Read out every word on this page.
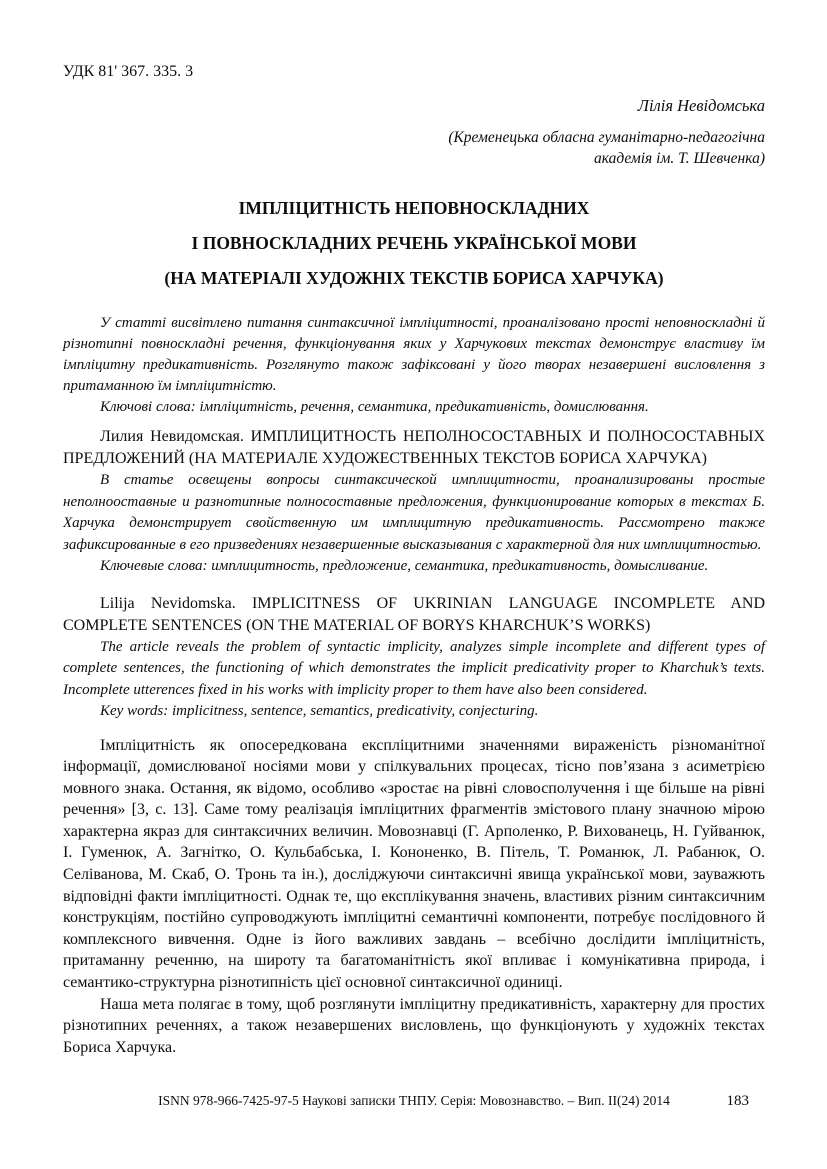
УДК 81' 367. 335. 3
Лілія Невідомська
(Кременецька обласна гуманітарно-педагогічна
академія ім. Т. Шевченка)
ІМПЛІЦИТНІСТЬ НЕПОВНОСКЛАДНИХ
І ПОВНОСКЛАДНИХ РЕЧЕНЬ УКРАЇНСЬКОЇ МОВИ
(НА МАТЕРІАЛІ ХУДОЖНІХ ТЕКСТІВ БОРИСА ХАРЧУКА)

У статті висвітлено питання синтаксичної імпліцитності, проаналізовано прості неповноскладні й різнотипні повноскладні речення, функціонування яких у Харчукових текстах демонструє властиву їм імпліцитну предикативність. Розглянуто також зафіксовані у його творах незавершені висловлення з притаманною їм імпліцитністю.

Ключові слова: імпліцитність, речення, семантика, предикативність, домислювання.

Лилия Невидомская. ИМПЛИЦИТНОСТЬ НЕПОЛНОСОСТАВНЫХ И ПОЛНОСОСТАВНЫХ ПРЕДЛОЖЕНИЙ (НА МАТЕРИАЛЕ ХУДОЖЕСТВЕННЫХ ТЕКСТОВ БОРИСА ХАРЧУКА)

В статье освещены вопросы синтаксической имплицитности, проанализированы простые неполнооставные и разнотипные полносоставные предложения, функционирование которых в текстах Б. Харчука демонстрирует свойственную им имплицитную предикативность. Рассмотрено также зафиксированные в его призведениях незавершенные высказывания с характерной для них имплицитностью.

Ключевые слова: имплицитность, предложение, семантика, предикативность, домысливание.

Lilija Nevidomska. IMPLICITNESS OF UKRINIAN LANGUAGE INCOMPLETE AND COMPLETE SENTENCES (ON THE MATERIAL OF BORYS KHARCHUK’S WORKS)

The article reveals the problem of syntactic implicity, analyzes simple incomplete and different types of complete sentences, the functioning of which demonstrates the implicit predicativity proper to Kharchuk’s texts. Incomplete utterences fixed in his works with implicity proper to them have also been considered.

Key words: implicitness, sentence, semantics, predicativity, conjecturing.

Імпліцитність як опосередкована експліцитними значеннями вираженість різноманітної інформації, домислюваної носіями мови у спілкувальних процесах, тісно пов’язана з асиметрією мовного знака. Остання, як відомо, особливо «зростає на рівні словосполучення і ще більше на рівні речення» [3, с. 13]. Саме тому реалізація імпліцитних фрагментів змістового плану значною мірою характерна якраз для синтаксичних величин. Мовознавці (Г. Арполенко, Р. Вихованець, Н. Гуйванюк, І. Гуменюк, А. Загнітко, О. Кульбабська, І. Кононенко, В. Пітель, Т. Романюк, Л. Рабанюк, О. Селіванова, М. Скаб, О. Тронь та ін.), досліджуючи синтаксичні явища української мови, зауважють відповідні факти імпліцитності. Однак те, що експлікування значень, властивих різним синтаксичним конструкціям, постійно супроводжують імпліцитні семантичні компоненти, потребує послідовного й комплексного вивчення. Одне із його важливих завдань – всебічно дослідити імпліцитність, притаманну реченню, на широту та багатоманітність якої впливає і комунікативна природа, і семантико-структурна різнотипність цієї основної синтаксичної одиниці.

Наша мета полягає в тому, щоб розглянути імпліцитну предикативність, характерну для простих різнотипних реченнях, а також незавершених висловлень, що функціонують у художніх текстах Бориса Харчука.

ISNN 978-966-7425-97-5 Наукові записки ТНПУ. Серія: Мовознавство. – Вип. II(24) 2014	183
